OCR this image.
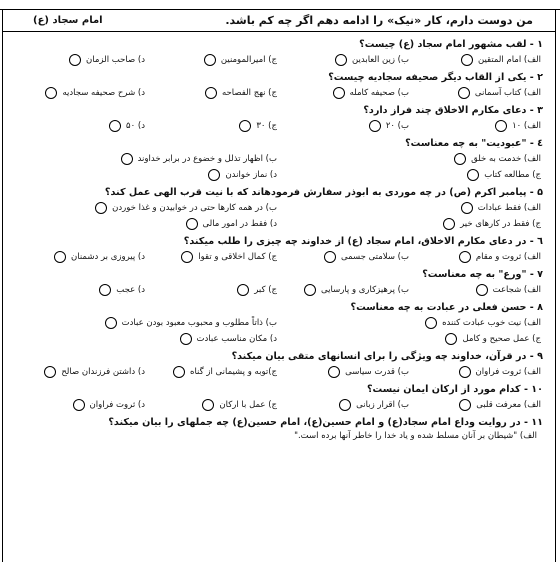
من دوست دارم، کار «نیک» را ادامه دهم اگر چه کم باشد.
امام سجاد (ع)
۱ - لقب مشهور امام سجاد (ع) چیست؟
الف) امام المتقین
ب) زین العابدین
ج) امیرالمومنین
د) صاحب الزمان
۲ - یکی از القاب دیگر صحیفه سجادیه چیست؟
الف) کتاب آسمانی
ب) صحیفه کامله
ج) نهج الفصاحه
د) شرح صحیفه سجادیه
۳ - دعای مکارم الاخلاق چند فراز دارد؟
الف) ۱۰
ب) ۲۰
ج) ۳۰
د) ۵۰
٤ - "عبودیت" به چه معناست؟
الف) خدمت به خلق
ب) اظهار تذلل و خضوع در برابر خداوند
ج) مطالعه کتاب
د) نماز خواندن
۵ - پیامبر اکرم (ص) در چه موردی به ابوذر سفارش فرمودهاند که با نیت قرب الهی عمل کند؟
الف) فقط عبادات
ب) در همه کارها حتی در خوابیدن و غذا خوردن
ج) فقط در کارهای خیر
د) فقط در امور مالی
٦ - در دعای مکارم الاخلاق، امام سجاد (ع) از خداوند چه چیزی را طلب میکند؟
الف) ثروت و مقام
ب) سلامتی جسمی
ج) کمال اخلاقی و تقوا
د) پیروزی بر دشمنان
۷ - "ورع" به چه معناست؟
الف) شجاعت
ب) پرهیزکاری و پارسایی
ج) کبر
د) عجب
۸ - حسن فعلی در عبادت به چه معناست؟
الف) نیت خوب عبادت کننده
ب) ذاتاً مطلوب و محبوب معبود بودن عبادت
ج) عمل صحیح و کامل
د) مکان مناسب عبادت
۹ - در قرآن، خداوند چه ویژگی را برای انسانهای متقی بیان میکند؟
الف) ثروت فراوان
ب) قدرت سیاسی
ج)توبه و پشیمانی از گناه
د) داشتن فرزندان صالح
۱۰ - کدام مورد از ارکان ایمان نیست؟
الف) معرفت قلبی
ب) اقرار زبانی
ج) عمل با ارکان
د) ثروت فراوان
۱۱ - در روایت وداع امام سجاد(ع) و امام حسین(ع)، امام حسین(ع) چه جملهای را بیان میکند؟
الف) "شیطان بر آنان مسلط شده و یاد خدا را خاطر آنها برده است."
